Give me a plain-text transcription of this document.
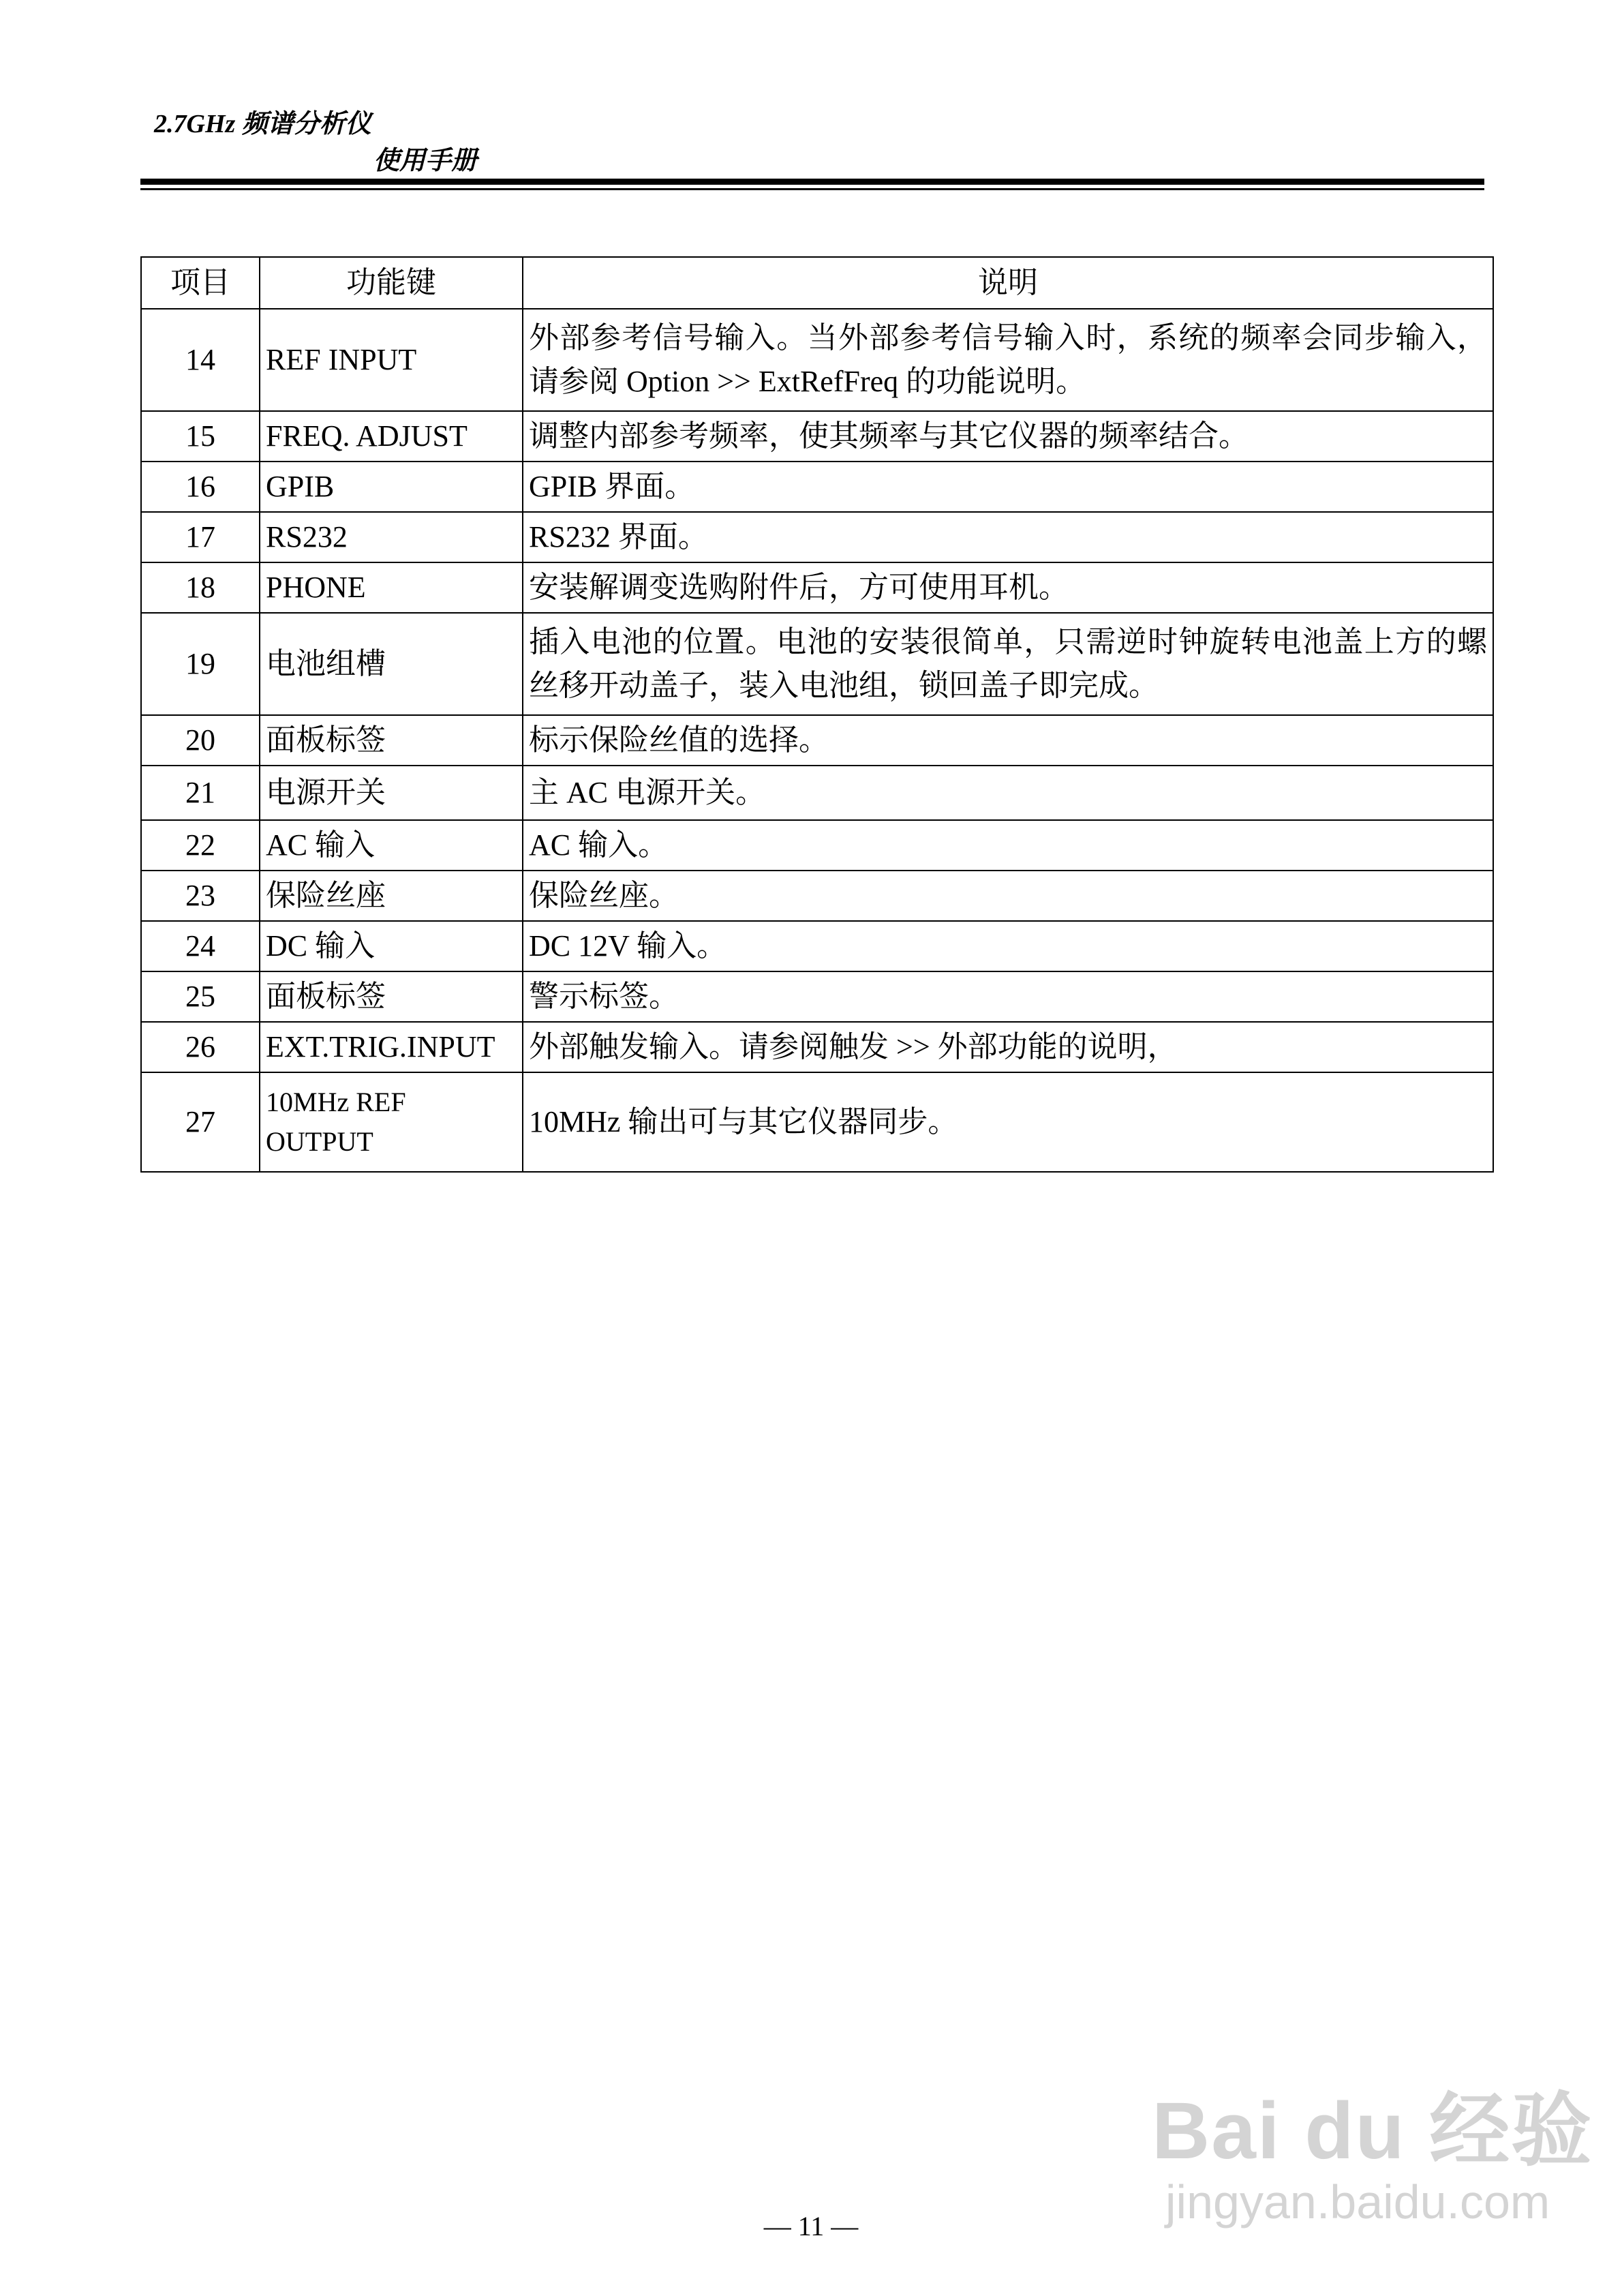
2.7GHz 频谱分析仪
使用手册
项目	功能键	说明
14	REF INPUT	外部参考信号输入。当外部参考信号输入时，系统的频率会同步输入，请参阅 Option >> ExtRefFreq 的功能说明。
15	FREQ. ADJUST	调整内部参考频率，使其频率与其它仪器的频率结合。
16	GPIB	GPIB 界面。
17	RS232	RS232 界面。
18	PHONE	安装解调变选购附件后，方可使用耳机。
19	电池组槽	插入电池的位置。电池的安装很简单，只需逆时钟旋转电池盖上方的螺丝移开动盖子，装入电池组，锁回盖子即完成。
20	面板标签	标示保险丝值的选择。
21	电源开关	主 AC 电源开关。
22	AC 输入	AC 输入。
23	保险丝座	保险丝座。
24	DC 输入	DC 12V 输入。
25	面板标签	警示标签。
26	EXT.TRIG.INPUT	外部触发输入。请参阅触发 >> 外部功能的说明，
27	10MHz REF OUTPUT	10MHz 输出可与其它仪器同步。
Bai du 经验
jingyan.baidu.com
— 11 —
